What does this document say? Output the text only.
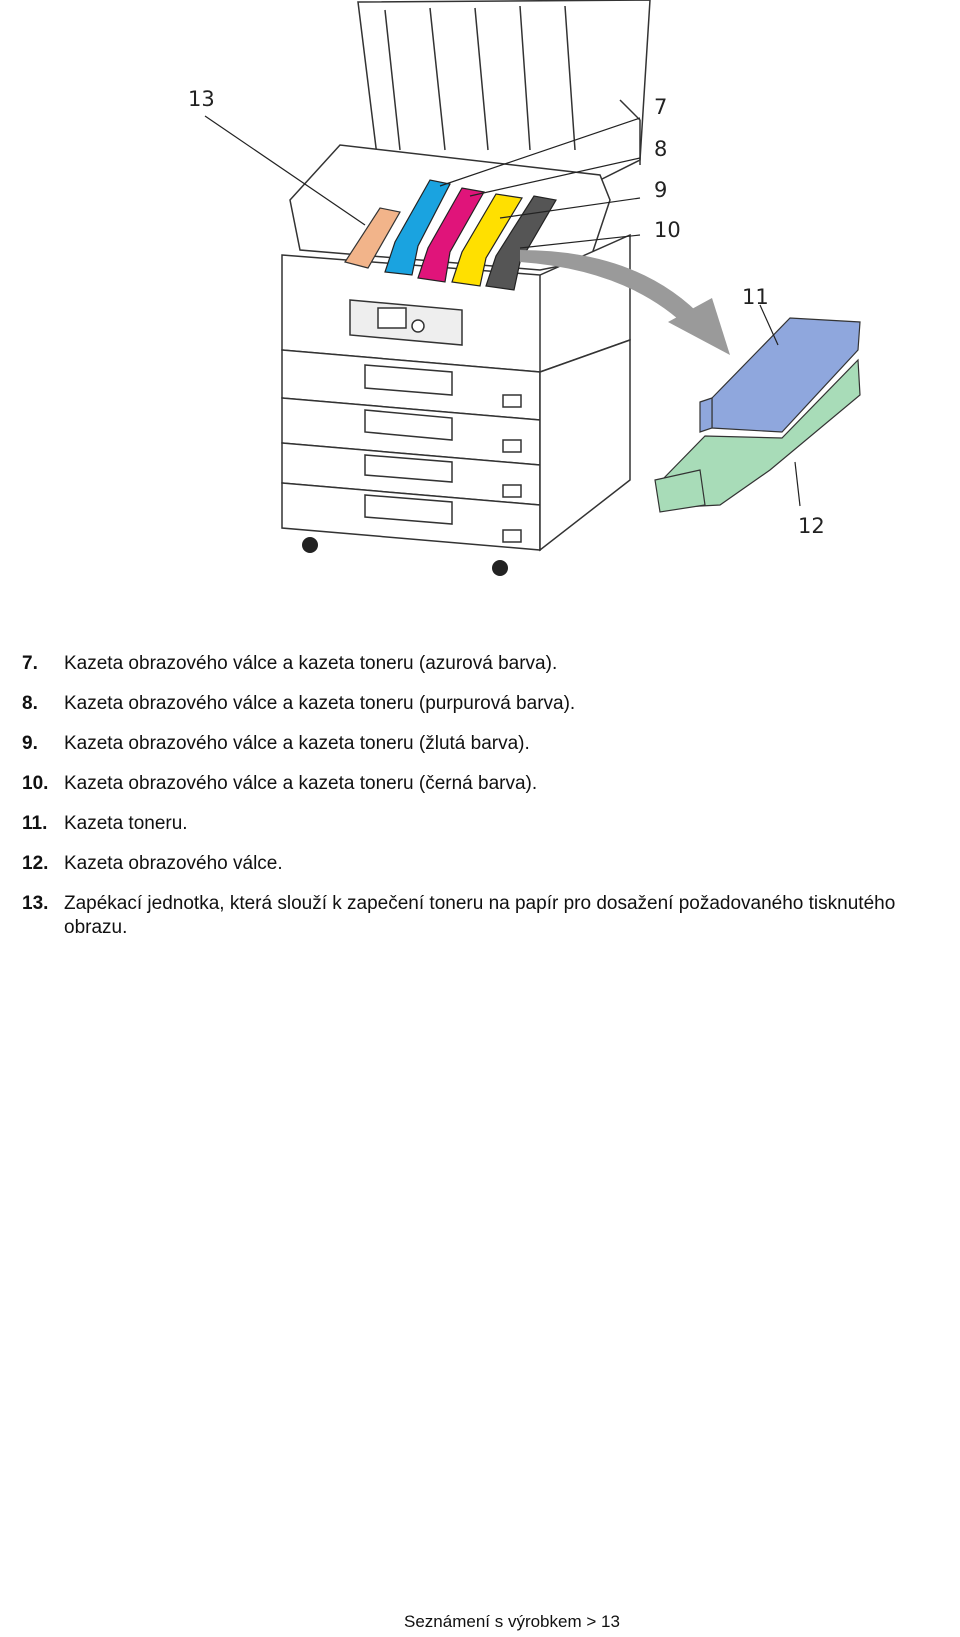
13	7
8
9
10
11
12
7.	Kazeta obrazového válce a kazeta toneru (azurová barva).
8.	Kazeta obrazového válce a kazeta toneru (purpurová barva).
9.	Kazeta obrazového válce a kazeta toneru (žlutá barva).
10. Kazeta obrazového válce a kazeta toneru (černá barva).
11. Kazeta toneru.
12. Kazeta obrazového válce.
13. Zapékací jednotka, která slouží k zapečení toneru na papír pro dosažení požadovaného tisknutého obrazu.
Seznámení s výrobkem > 13
